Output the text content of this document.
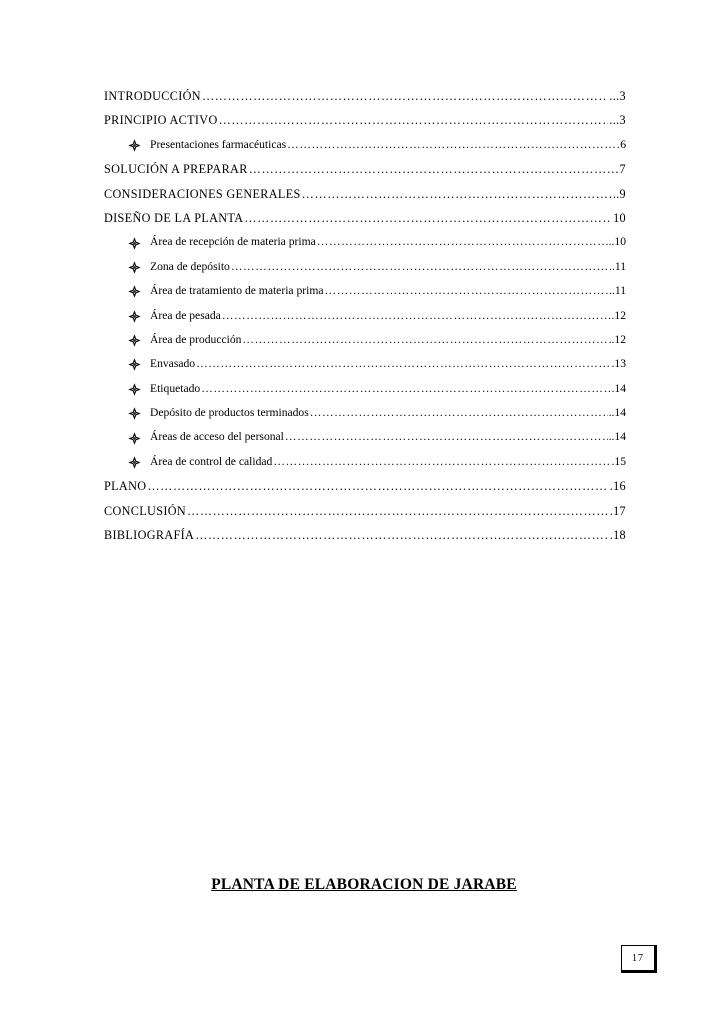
INTRODUCCIÓN …………………………………………………………………………………………………………………………………………………………………………………………………………………………………………………………	...3
PRINCIPIO ACTIVO …………………………………………………………………………………………………………………………………………………………………………………………………………………………………………………………	...3
Presentaciones farmacéuticas …………………………………………………………………………………………………………………………………………………………………………………………………………………………………………………………	6
SOLUCIÓN A PREPARAR …………………………………………………………………………………………………………………………………………………………………………………………………………………………………………………………	7
CONSIDERACIONES GENERALES …………………………………………………………………………………………………………………………………………………………………………………………………………………………………………………………	.9
DISEÑO DE LA PLANTA …………………………………………………………………………………………………………………………………………………………………………………………………………………………………………………………	10
Área de recepción de materia prima …………………………………………………………………………………………………………………………………………………………………………………………………………………………………………………………	..10
Zona de depósito …………………………………………………………………………………………………………………………………………………………………………………………………………………………………………………………	.11
Área de tratamiento de materia prima …………………………………………………………………………………………………………………………………………………………………………………………………………………………………………………………	..11
Área de pesada …………………………………………………………………………………………………………………………………………………………………………………………………………………………………………………………	.12
Área de producción …………………………………………………………………………………………………………………………………………………………………………………………………………………………………………………………	.12
Envasado …………………………………………………………………………………………………………………………………………………………………………………………………………………………………………………………	.13
Etiquetado …………………………………………………………………………………………………………………………………………………………………………………………………………………………………………………………	.14
Depósito de productos terminados …………………………………………………………………………………………………………………………………………………………………………………………………………………………………………………………	..14
Áreas de acceso del personal …………………………………………………………………………………………………………………………………………………………………………………………………………………………………………………………	..14
Área de control de calidad …………………………………………………………………………………………………………………………………………………………………………………………………………………………………………………………	.15
PLANO …………………………………………………………………………………………………………………………………………………………………………………………………………………………………………………………	.16
CONCLUSIÓN …………………………………………………………………………………………………………………………………………………………………………………………………………………………………………………………	.17
BIBLIOGRAFÍA …………………………………………………………………………………………………………………………………………………………………………………………………………………………………………………………	.18
PLANTA DE ELABORACION DE JARABE
17
